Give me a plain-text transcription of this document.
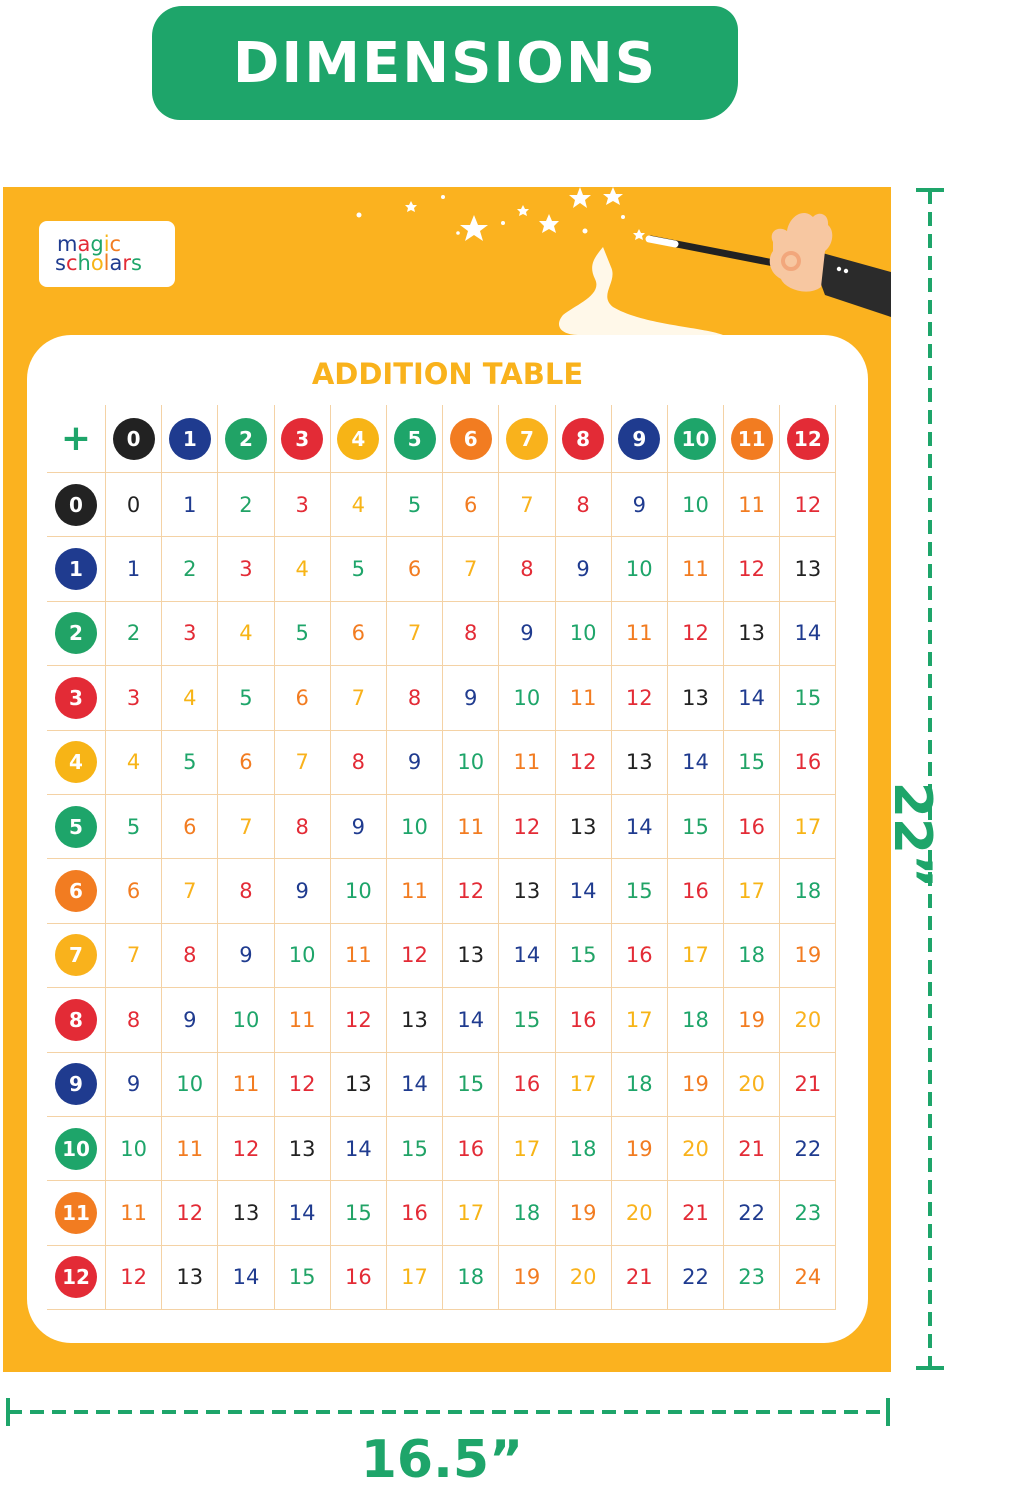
DIMENSIONS
magic
scholars
ADDITION TABLE
+	0	1	2	3	4	5	6	7	8	9	10	11	12
0	0	1	2	3	4	5	6	7	8	9	10	11	12
1	1	2	3	4	5	6	7	8	9	10	11	12	13
2	2	3	4	5	6	7	8	9	10	11	12	13	14
3	3	4	5	6	7	8	9	10	11	12	13	14	15
4	4	5	6	7	8	9	10	11	12	13	14	15	16
5	5	6	7	8	9	10	11	12	13	14	15	16	17
6	6	7	8	9	10	11	12	13	14	15	16	17	18
7	7	8	9	10	11	12	13	14	15	16	17	18	19
8	8	9	10	11	12	13	14	15	16	17	18	19	20
9	9	10	11	12	13	14	15	16	17	18	19	20	21
10	10	11	12	13	14	15	16	17	18	19	20	21	22
11	11	12	13	14	15	16	17	18	19	20	21	22	23
12	12	13	14	15	16	17	18	19	20	21	22	23	24
16.5”
22”
